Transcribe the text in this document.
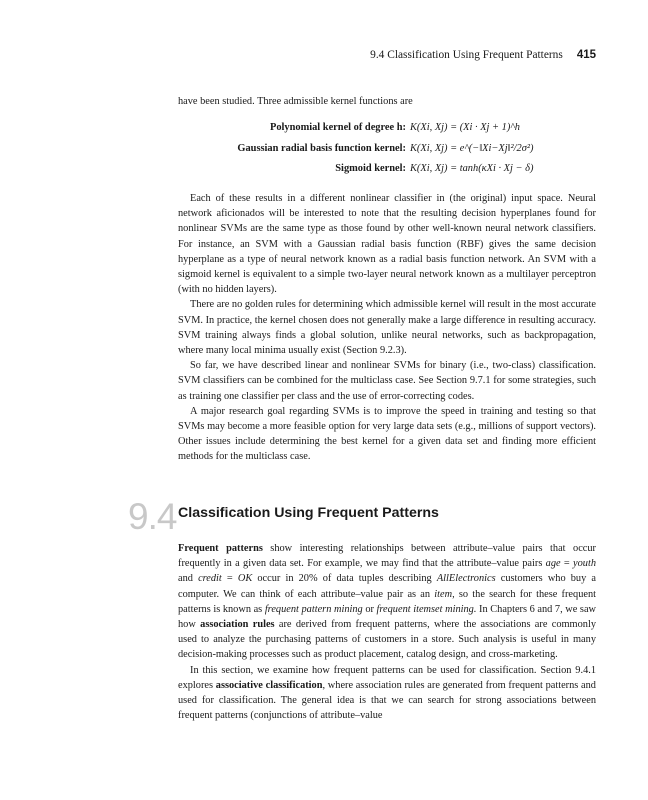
9.4 Classification Using Frequent Patterns 415

have been studied. Three admissible kernel functions are

Polynomial kernel of degree h: K(Xi, Xj) = (Xi · Xj + 1)^h
Gaussian radial basis function kernel: K(Xi, Xj) = e^(−‖Xi−Xj‖²/2σ²)
Sigmoid kernel: K(Xi, Xj) = tanh(κXi · Xj − δ)

Each of these results in a different nonlinear classifier in (the original) input space. Neural network aficionados will be interested to note that the resulting decision hyperplanes found for nonlinear SVMs are the same type as those found by other well-known neural network classifiers. For instance, an SVM with a Gaussian radial basis function (RBF) gives the same decision hyperplane as a type of neural network known as a radial basis function network. An SVM with a sigmoid kernel is equivalent to a simple two-layer neural network known as a multilayer perceptron (with no hidden layers).

There are no golden rules for determining which admissible kernel will result in the most accurate SVM. In practice, the kernel chosen does not generally make a large difference in resulting accuracy. SVM training always finds a global solution, unlike neural networks, such as backpropagation, where many local minima usually exist (Section 9.2.3).

So far, we have described linear and nonlinear SVMs for binary (i.e., two-class) classification. SVM classifiers can be combined for the multiclass case. See Section 9.7.1 for some strategies, such as training one classifier per class and the use of error-correcting codes.

A major research goal regarding SVMs is to improve the speed in training and testing so that SVMs may become a more feasible option for very large data sets (e.g., millions of support vectors). Other issues include determining the best kernel for a given data set and finding more efficient methods for the multiclass case.

9.4 Classification Using Frequent Patterns

Frequent patterns show interesting relationships between attribute–value pairs that occur frequently in a given data set. For example, we may find that the attribute–value pairs age = youth and credit = OK occur in 20% of data tuples describing AllElectronics customers who buy a computer. We can think of each attribute–value pair as an item, so the search for these frequent patterns is known as frequent pattern mining or frequent itemset mining. In Chapters 6 and 7, we saw how association rules are derived from frequent patterns, where the associations are commonly used to analyze the purchasing patterns of customers in a store. Such analysis is useful in many decision-making processes such as product placement, catalog design, and cross-marketing.

In this section, we examine how frequent patterns can be used for classification. Section 9.4.1 explores associative classification, where association rules are generated from frequent patterns and used for classification. The general idea is that we can search for strong associations between frequent patterns (conjunctions of attribute–value
